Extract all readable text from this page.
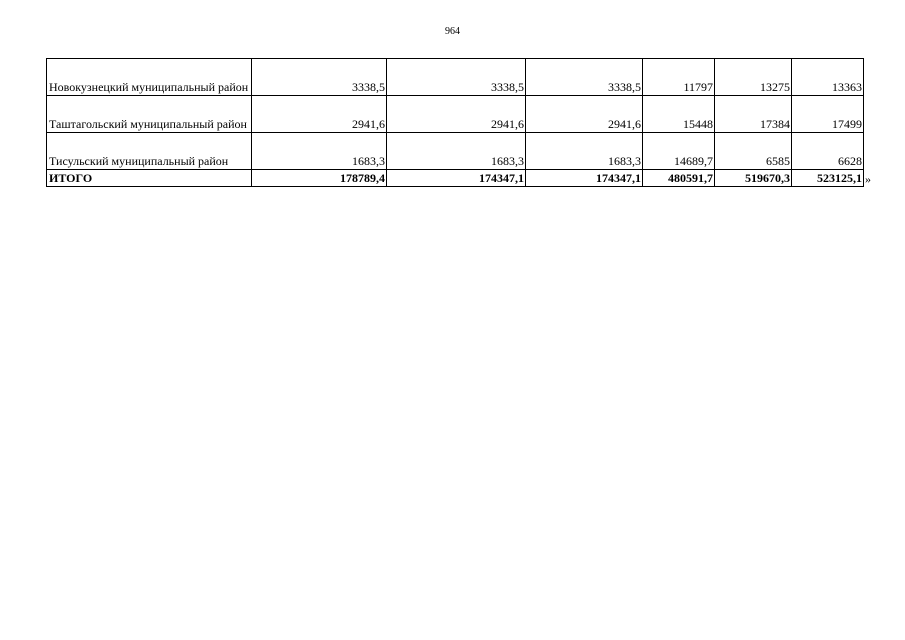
964
Новокузнецкий муниципальный район	3338,5	3338,5	3338,5	11797	13275	13363
Таштагольский муниципальный район	2941,6	2941,6	2941,6	15448	17384	17499
Тисульский муниципальный район	1683,3	1683,3	1683,3	14689,7	6585	6628
ИТОГО	178789,4	174347,1	174347,1	480591,7	519670,3	523125,1 »
